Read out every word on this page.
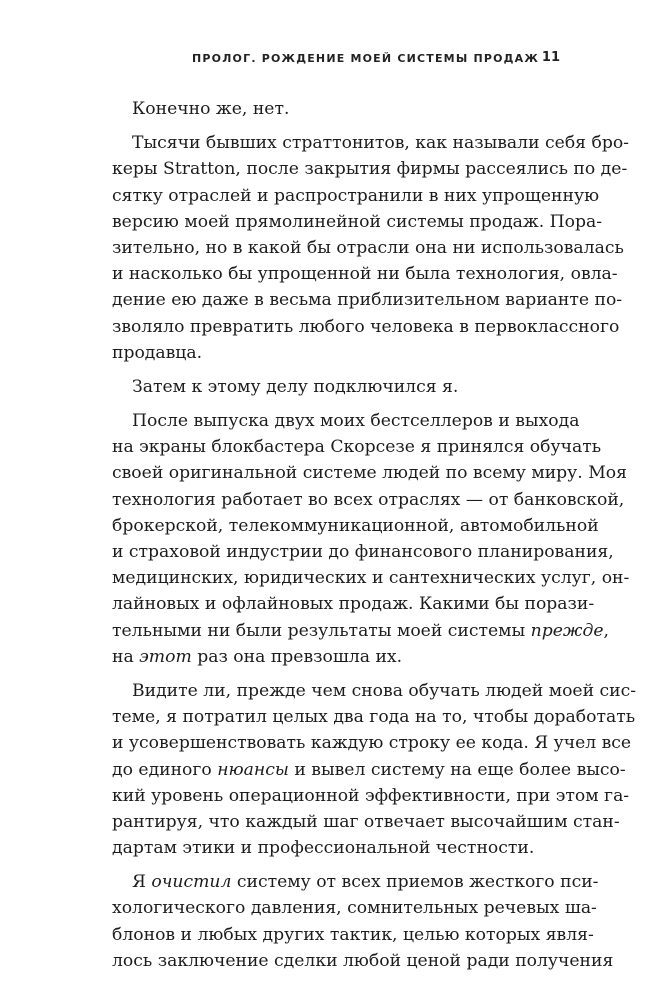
ПРОЛОГ. РОЖДЕНИЕ МОЕЙ СИСТЕМЫ ПРОДАЖ 11
Конечно же, нет.
Тысячи бывших страттонитов, как называли себя бро-
керы Stratton, после закрытия фирмы рассеялись по де-
сятку отраслей и распространили в них упрощенную
версию моей прямолинейной системы продаж. Пора-
зительно, но в какой бы отрасли она ни использовалась
и насколько бы упрощенной ни была технология, овла-
дение ею даже в весьма приблизительном варианте по-
зволяло превратить любого человека в первоклассного
продавца.
Затем к этому делу подключился я.
После выпуска двух моих бестселлеров и выхода
на экраны блокбастера Скорсезе я принялся обучать
своей оригинальной системе людей по всему миру. Моя
технология работает во всех отраслях — от банковской,
брокерской, телекоммуникационной, автомобильной
и страховой индустрии до финансового планирования,
медицинских, юридических и сантехнических услуг, он-
лайновых и офлайновых продаж. Какими бы порази-
тельными ни были результаты моей системы прежде,
на этот раз она превзошла их.
Видите ли, прежде чем снова обучать людей моей сис-
теме, я потратил целых два года на то, чтобы доработать
и усовершенствовать каждую строку ее кода. Я учел все
до единого нюансы и вывел систему на еще более высо-
кий уровень операционной эффективности, при этом га-
рантируя, что каждый шаг отвечает высочайшим стан-
дартам этики и профессиональной честности.
Я очистил систему от всех приемов жесткого пси-
хологического давления, сомнительных речевых ша-
блонов и любых других тактик, целью которых явля-
лось заключение сделки любой ценой ради получения
